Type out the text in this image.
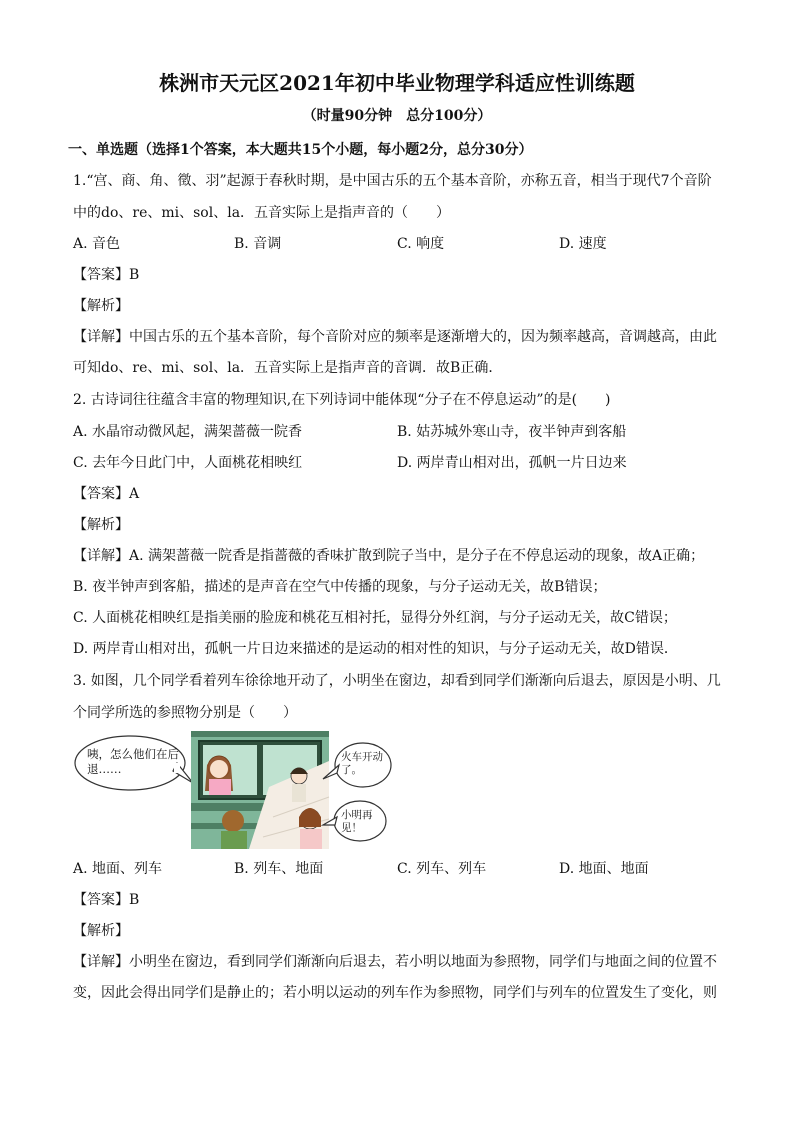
株洲市天元区2021年初中毕业物理学科适应性训练题
（时量90分钟　总分100分）
一、单选题（选择1个答案，本大题共15个小题，每小题2分，总分30分）
1.“宫、商、角、徵、羽”起源于春秋时期，是中国古乐的五个基本音阶，亦称五音，相当于现代7个音阶
中的do、re、mi、sol、la．五音实际上是指声音的（　　）
A. 音色	B. 音调	C. 响度	D. 速度
【答案】B
【解析】
【详解】中国古乐的五个基本音阶，每个音阶对应的频率是逐渐增大的，因为频率越高，音调越高，由此
可知do、re、mi、sol、la．五音实际上是指声音的音调．故B正确．
2. 古诗词往往蕴含丰富的物理知识,在下列诗词中能体现“分子在不停息运动”的是(　　)
A. 水晶帘动微风起，满架蔷薇一院香	B. 姑苏城外寒山寺，夜半钟声到客船
C. 去年今日此门中，人面桃花相映红	D. 两岸青山相对出，孤帆一片日边来
【答案】A
【解析】
【详解】A. 满架蔷薇一院香是指蔷薇的香味扩散到院子当中，是分子在不停息运动的现象，故A正确；
B. 夜半钟声到客船，描述的是声音在空气中传播的现象，与分子运动无关，故B错误；
C. 人面桃花相映红是指美丽的脸庞和桃花互相衬托，显得分外红润，与分子运动无关，故C错误；
D. 两岸青山相对出，孤帆一片日边来描述的是运动的相对性的知识，与分子运动无关，故D错误．
3. 如图，几个同学看着列车徐徐地开动了，小明坐在窗边，却看到同学们渐渐向后退去，原因是小明、几
个同学所选的参照物分别是（　　）
咦，怎么他们在后退……
火车开动了。
小明再见！
A. 地面、列车	B. 列车、地面	C. 列车、列车	D. 地面、地面
【答案】B
【解析】
【详解】小明坐在窗边，看到同学们渐渐向后退去，若小明以地面为参照物，同学们与地面之间的位置不
变，因此会得出同学们是静止的；若小明以运动的列车作为参照物，同学们与列车的位置发生了变化，则
